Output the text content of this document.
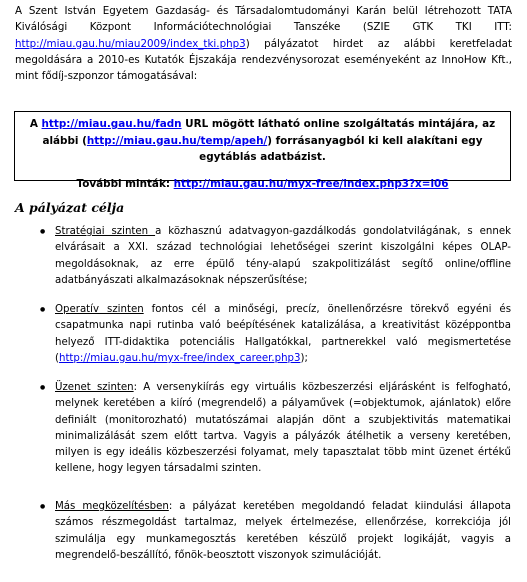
A Szent István Egyetem Gazdaság- és Társadalomtudományi Karán belül létrehozott TATA Kiválósági Központ Információtechnológiai Tanszéke (SZIE GTK TKI ITT: http://miau.gau.hu/miau2009/index_tki.php3) pályázatot hirdet az alábbi keretfeladat megoldására a 2010-es Kutatók Éjszakája rendezvénysorozat eseményeként az InnoHow Kft., mint fődíj-szponzor támogatásával:

A http://miau.gau.hu/fadn URL mögött látható online szolgáltatás mintájára, az alábbi (http://miau.gau.hu/temp/apeh/) forrásanyagból ki kell alakítani egy egytáblás adatbázist.

További minták: http://miau.gau.hu/myx-free/index.php3?x=i06

A pályázat célja

● Stratégiai szinten a közhasznú adatvagyon-gazdálkodás gondolatvilágának, s ennek elvárásait a XXI. század technológiai lehetőségei szerint kiszolgálni képes OLAP-megoldásoknak, az erre épülő tény-alapú szakpolitizálást segítő online/offline adatbányászati alkalmazásoknak népszerűsítése;

● Operatív szinten fontos cél a minőségi, precíz, önellenőrzésre törekvő egyéni és csapatmunka napi rutinba való beépítésének katalizálása, a kreativitást középpontba helyező ITT-didaktika potenciális Hallgatókkal, partnerekkel való megismertetése (http://miau.gau.hu/myx-free/index_career.php3);

● Üzenet szinten: A versenykiírás egy virtuális közbeszerzési eljárásként is felfogható, melynek keretében a kiíró (megrendelő) a pályaművek (=objektumok, ajánlatok) előre definiált (monitorozható) mutatószámai alapján dönt a szubjektivitás matematikai minimalizálását szem előtt tartva. Vagyis a pályázók átélhetik a verseny keretében, milyen is egy ideális közbeszerzési folyamat, mely tapasztalat több mint üzenet értékű kellene, hogy legyen társadalmi szinten.

● Más megközelítésben: a pályázat keretében megoldandó feladat kiindulási állapota számos részmegoldást tartalmaz, melyek értelmezése, ellenőrzése, korrekciója jól szimulálja egy munkamegosztás keretében készülő projekt logikáját, vagyis a megrendelő-beszállító, főnök-beosztott viszonyok szimulációját.
